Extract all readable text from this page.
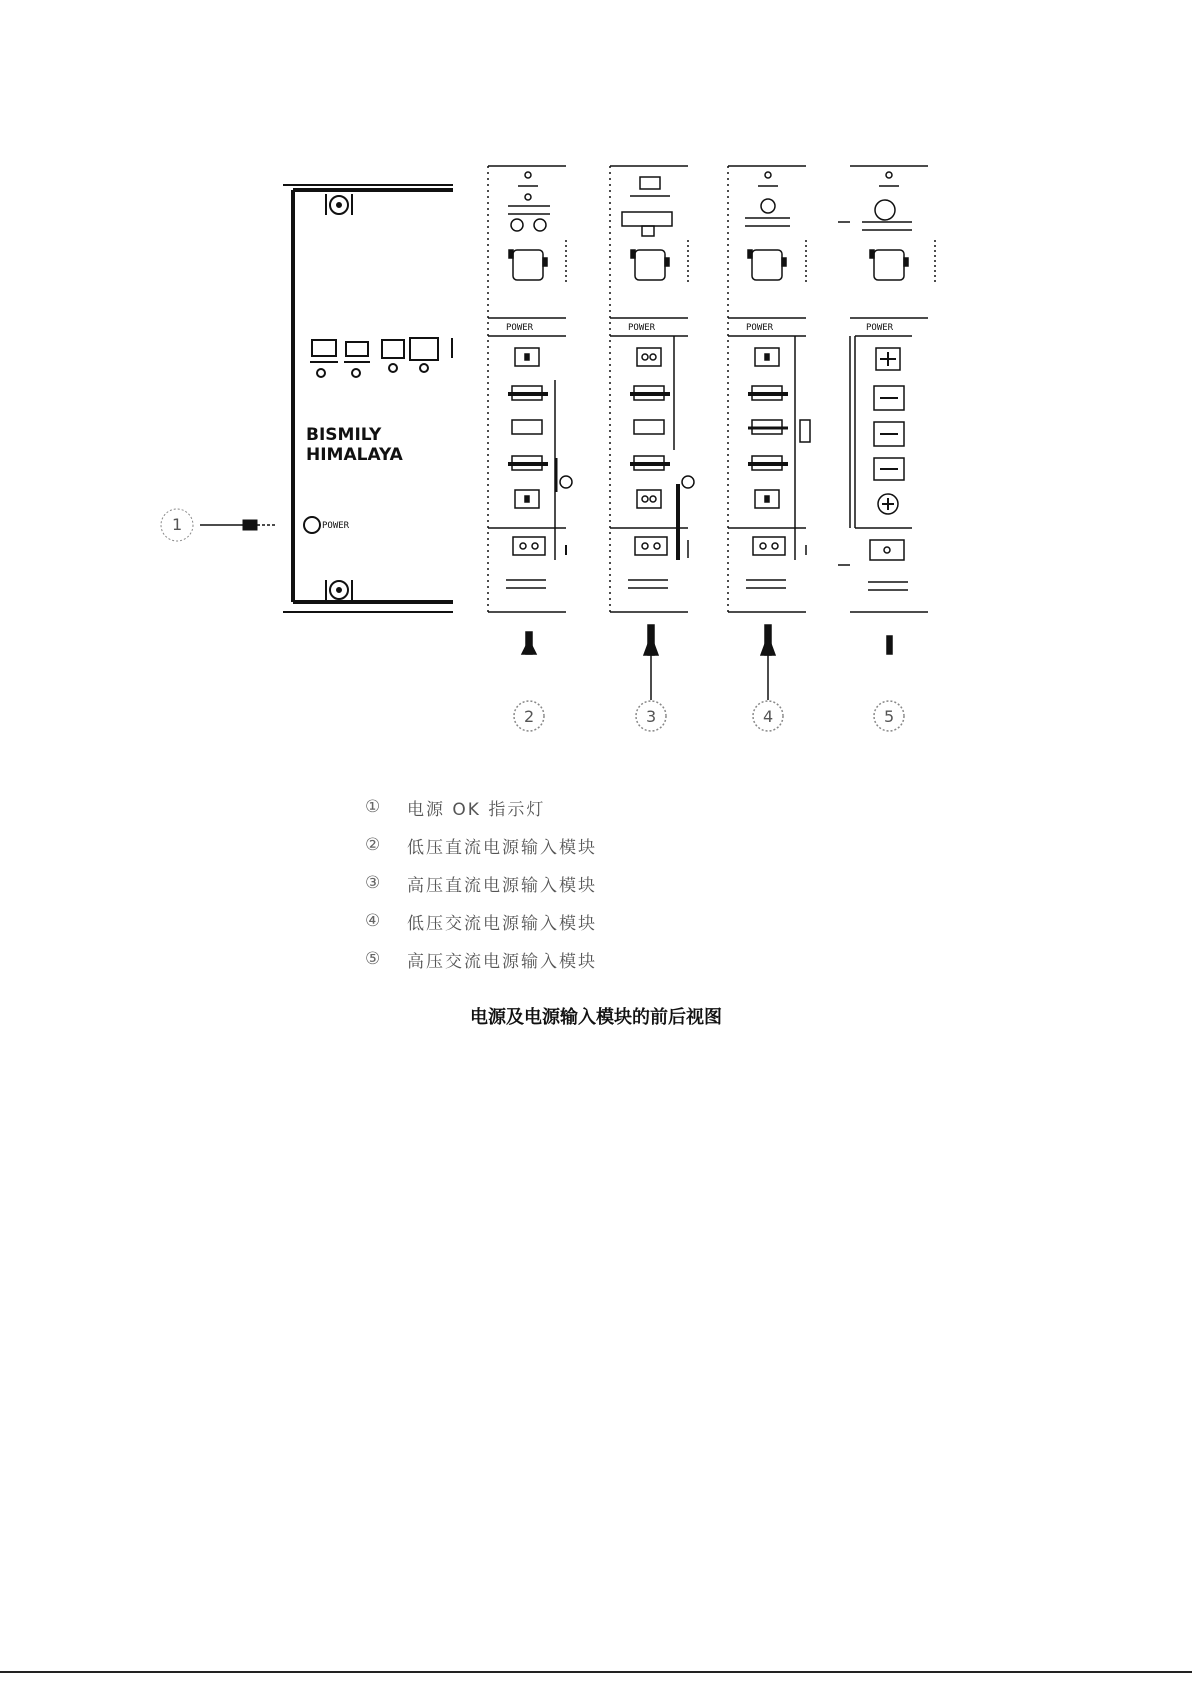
BISMILY
HIMALAYA
POWER
1
POWER
2
POWER
3
POWER
4
POWER
5
①	电源 OK 指示灯
②	低压直流电源输入模块
③	高压直流电源输入模块
④	低压交流电源输入模块
⑤	高压交流电源输入模块
电源及电源输入模块的前后视图
